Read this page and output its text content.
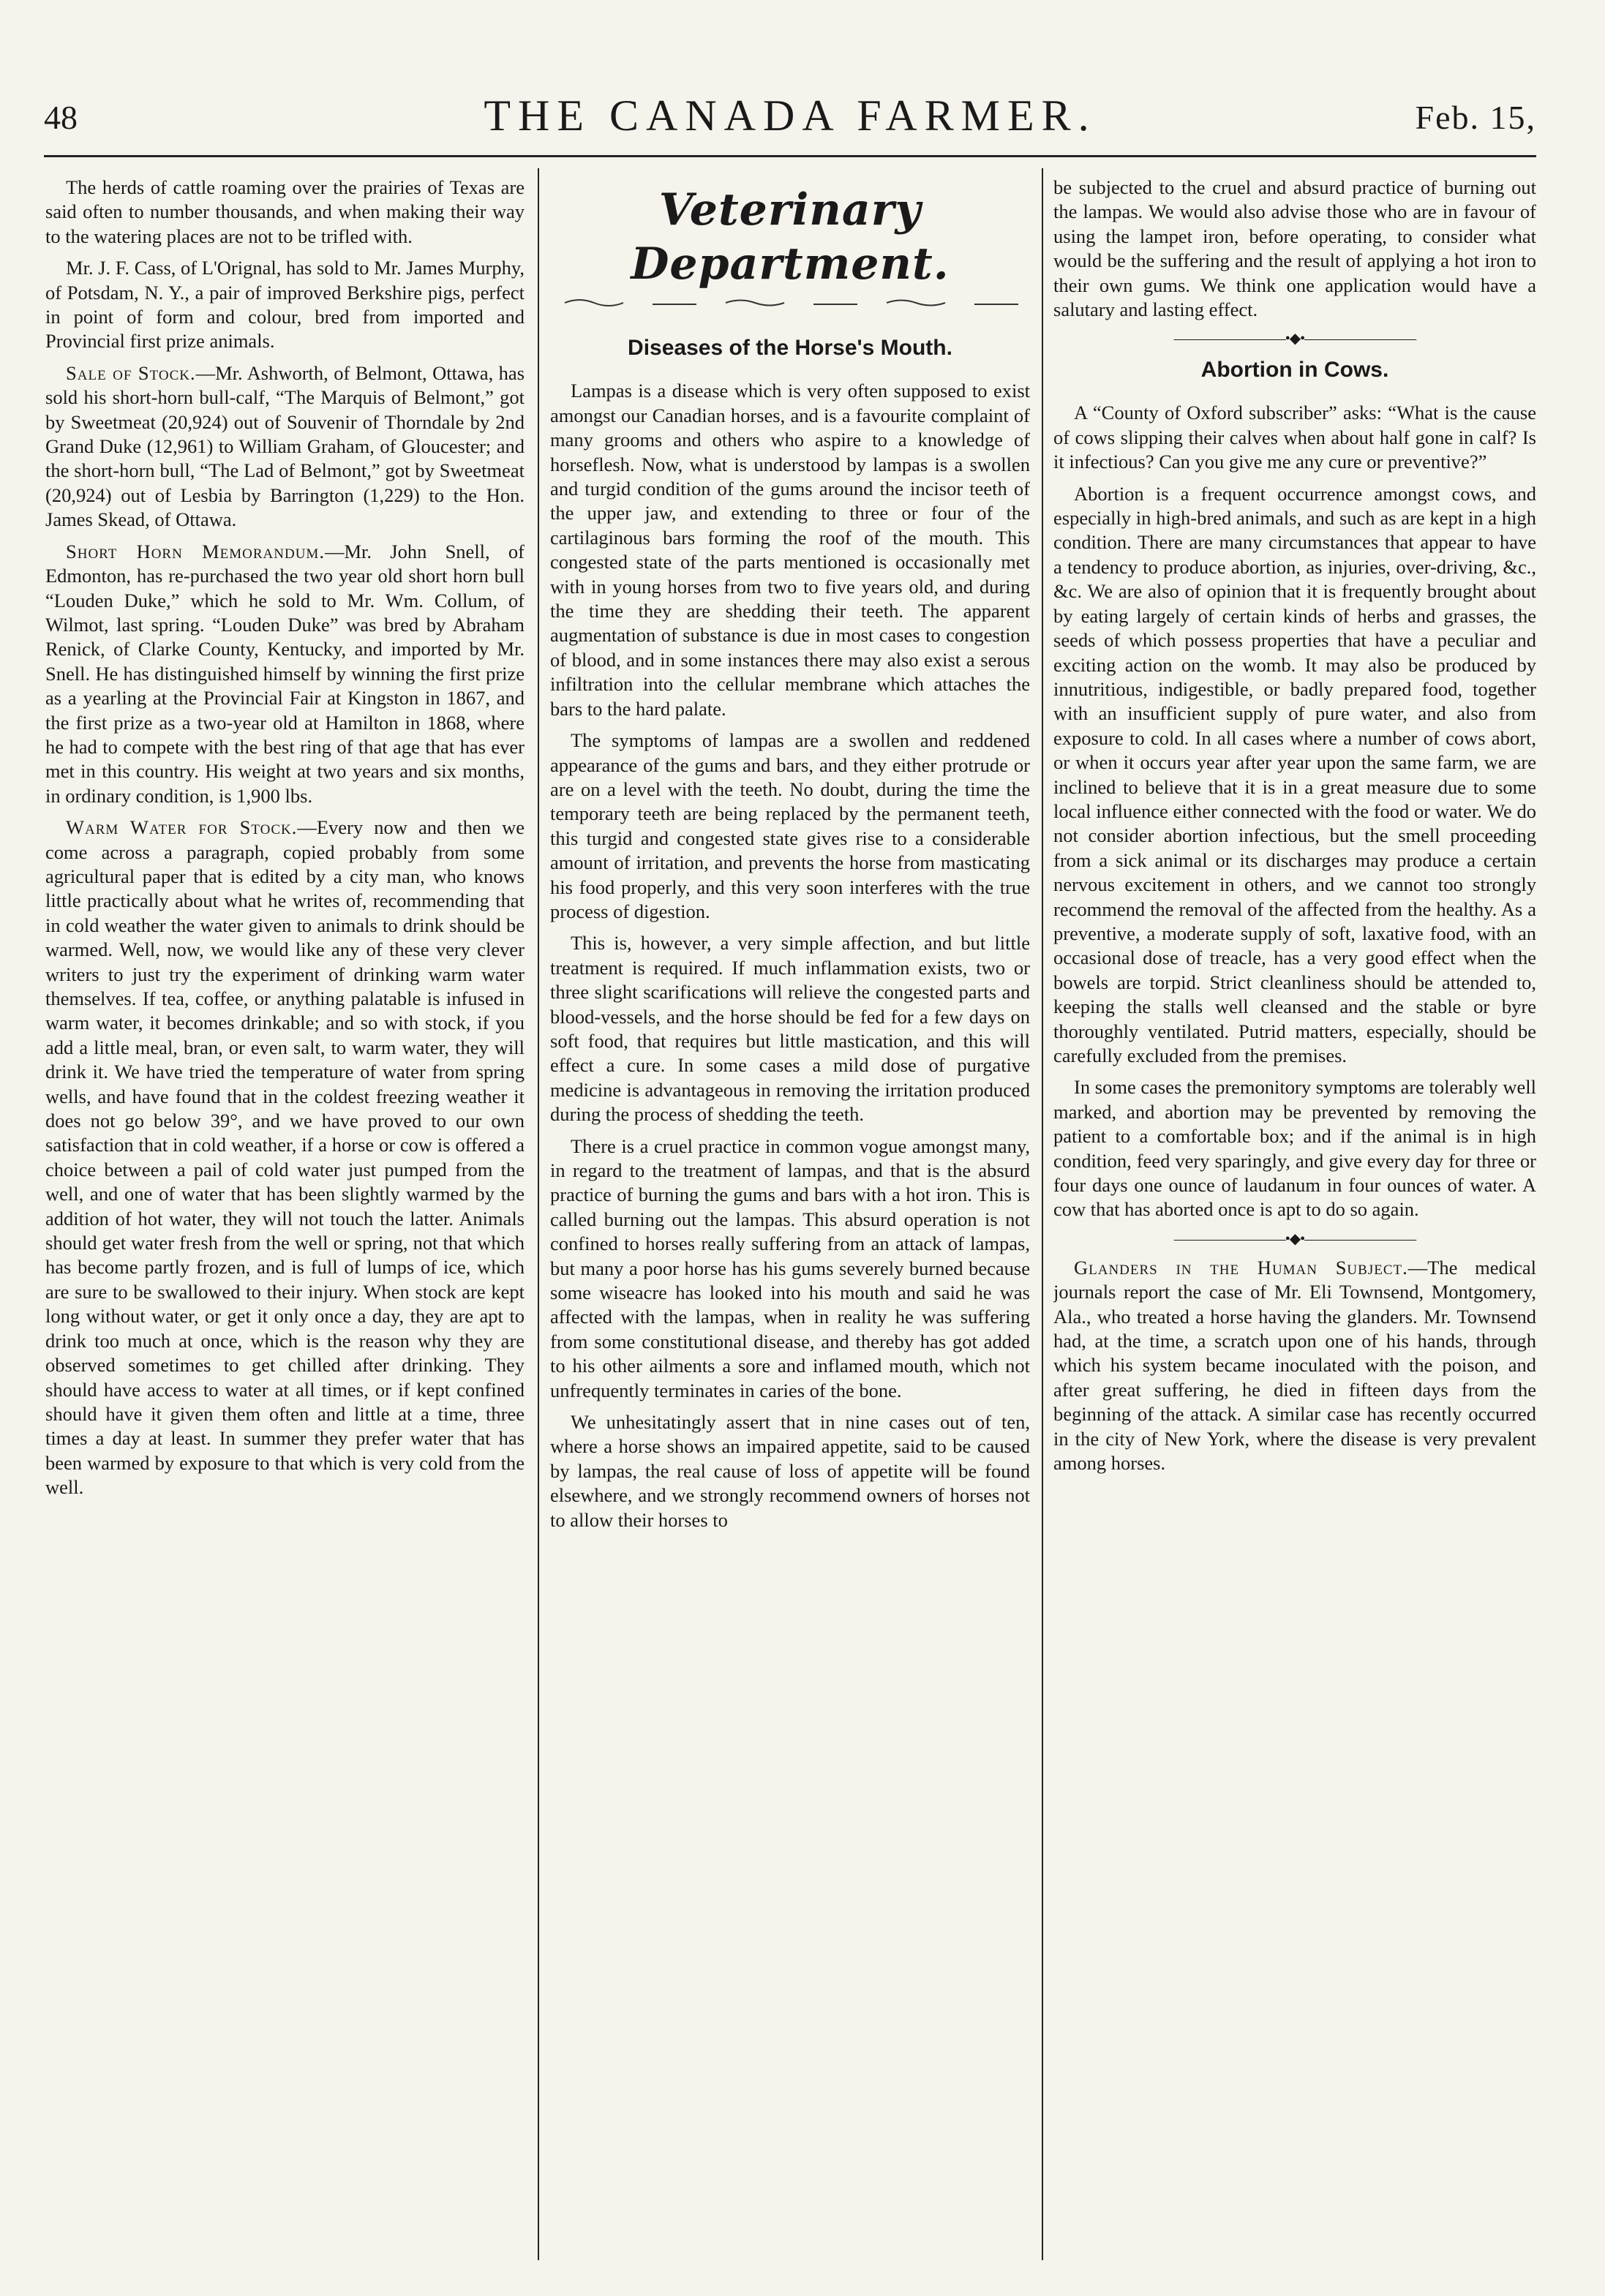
48	THE CANADA FARMER.	Feb. 15,

The herds of cattle roaming over the prairies of Texas are said often to number thousands, and when making their way to the watering places are not to be trifled with.

Mr. J. F. Cass, of L'Orignal, has sold to Mr. James Murphy, of Potsdam, N. Y., a pair of improved Berkshire pigs, perfect in point of form and colour, bred from imported and Provincial first prize animals.

Sale of Stock.—Mr. Ashworth, of Belmont, Ottawa, has sold his short-horn bull-calf, “The Marquis of Belmont,” got by Sweetmeat (20,924) out of Souvenir of Thorndale by 2nd Grand Duke (12,961) to William Graham, of Gloucester; and the short-horn bull, “The Lad of Belmont,” got by Sweetmeat (20,924) out of Lesbia by Barrington (1,229) to the Hon. James Skead, of Ottawa.

Short Horn Memorandum.—Mr. John Snell, of Edmonton, has re-purchased the two year old short horn bull “Louden Duke,” which he sold to Mr. Wm. Collum, of Wilmot, last spring. “Louden Duke” was bred by Abraham Renick, of Clarke County, Kentucky, and imported by Mr. Snell. He has distinguished himself by winning the first prize as a yearling at the Provincial Fair at Kingston in 1867, and the first prize as a two-year old at Hamilton in 1868, where he had to compete with the best ring of that age that has ever met in this country. His weight at two years and six months, in ordinary condition, is 1,900 lbs.

Warm Water for Stock.—Every now and then we come across a paragraph, copied probably from some agricultural paper that is edited by a city man, who knows little practically about what he writes of, recommending that in cold weather the water given to animals to drink should be warmed. Well, now, we would like any of these very clever writers to just try the experiment of drinking warm water themselves. If tea, coffee, or anything palatable is infused in warm water, it becomes drinkable; and so with stock, if you add a little meal, bran, or even salt, to warm water, they will drink it. We have tried the temperature of water from spring wells, and have found that in the coldest freezing weather it does not go below 39°, and we have proved to our own satisfaction that in cold weather, if a horse or cow is offered a choice between a pail of cold water just pumped from the well, and one of water that has been slightly warmed by the addition of hot water, they will not touch the latter. Animals should get water fresh from the well or spring, not that which has become partly frozen, and is full of lumps of ice, which are sure to be swallowed to their injury. When stock are kept long without water, or get it only once a day, they are apt to drink too much at once, which is the reason why they are observed sometimes to get chilled after drinking. They should have access to water at all times, or if kept confined should have it given them often and little at a time, three times a day at least. In summer they prefer water that has been warmed by exposure to that which is very cold from the well.

Veterinary Department.
Diseases of the Horse's Mouth.

Lampas is a disease which is very often supposed to exist amongst our Canadian horses, and is a favourite complaint of many grooms and others who aspire to a knowledge of horseflesh. Now, what is understood by lampas is a swollen and turgid condition of the gums around the incisor teeth of the upper jaw, and extending to three or four of the cartilaginous bars forming the roof of the mouth. This congested state of the parts mentioned is occasionally met with in young horses from two to five years old, and during the time they are shedding their teeth. The apparent augmentation of substance is due in most cases to congestion of blood, and in some instances there may also exist a serous infiltration into the cellular membrane which attaches the bars to the hard palate.

The symptoms of lampas are a swollen and reddened appearance of the gums and bars, and they either protrude or are on a level with the teeth. No doubt, during the time the temporary teeth are being replaced by the permanent teeth, this turgid and congested state gives rise to a considerable amount of irritation, and prevents the horse from masticating his food properly, and this very soon interferes with the true process of digestion.

This is, however, a very simple affection, and but little treatment is required. If much inflammation exists, two or three slight scarifications will relieve the congested parts and blood-vessels, and the horse should be fed for a few days on soft food, that requires but little mastication, and this will effect a cure. In some cases a mild dose of purgative medicine is advantageous in removing the irritation produced during the process of shedding the teeth.

There is a cruel practice in common vogue amongst many, in regard to the treatment of lampas, and that is the absurd practice of burning the gums and bars with a hot iron. This is called burning out the lampas. This absurd operation is not confined to horses really suffering from an attack of lampas, but many a poor horse has his gums severely burned because some wiseacre has looked into his mouth and said he was affected with the lampas, when in reality he was suffering from some constitutional disease, and thereby has got added to his other ailments a sore and inflamed mouth, which not unfrequently terminates in caries of the bone.

We unhesitatingly assert that in nine cases out of ten, where a horse shows an impaired appetite, said to be caused by lampas, the real cause of loss of appetite will be found elsewhere, and we strongly recommend owners of horses not to allow their horses to

be subjected to the cruel and absurd practice of burning out the lampas. We would also advise those who are in favour of using the lampet iron, before operating, to consider what would be the suffering and the result of applying a hot iron to their own gums. We think one application would have a salutary and lasting effect.

————————•◆•————————
Abortion in Cows.

A “County of Oxford subscriber” asks: “What is the cause of cows slipping their calves when about half gone in calf? Is it infectious? Can you give me any cure or preventive?”

Abortion is a frequent occurrence amongst cows, and especially in high-bred animals, and such as are kept in a high condition. There are many circumstances that appear to have a tendency to produce abortion, as injuries, over-driving, &c., &c. We are also of opinion that it is frequently brought about by eating largely of certain kinds of herbs and grasses, the seeds of which possess properties that have a peculiar and exciting action on the womb. It may also be produced by innutritious, indigestible, or badly prepared food, together with an insufficient supply of pure water, and also from exposure to cold. In all cases where a number of cows abort, or when it occurs year after year upon the same farm, we are inclined to believe that it is in a great measure due to some local influence either connected with the food or water. We do not consider abortion infectious, but the smell proceeding from a sick animal or its discharges may produce a certain nervous excitement in others, and we cannot too strongly recommend the removal of the affected from the healthy. As a preventive, a moderate supply of soft, laxative food, with an occasional dose of treacle, has a very good effect when the bowels are torpid. Strict cleanliness should be attended to, keeping the stalls well cleansed and the stable or byre thoroughly ventilated. Putrid matters, especially, should be carefully excluded from the premises.

In some cases the premonitory symptoms are tolerably well marked, and abortion may be prevented by removing the patient to a comfortable box; and if the animal is in high condition, feed very sparingly, and give every day for three or four days one ounce of laudanum in four ounces of water. A cow that has aborted once is apt to do so again.

————————•◆•————————

Glanders in the Human Subject.—The medical journals report the case of Mr. Eli Townsend, Montgomery, Ala., who treated a horse having the glanders. Mr. Townsend had, at the time, a scratch upon one of his hands, through which his system became inoculated with the poison, and after great suffering, he died in fifteen days from the beginning of the attack. A similar case has recently occurred in the city of New York, where the disease is very prevalent among horses.
